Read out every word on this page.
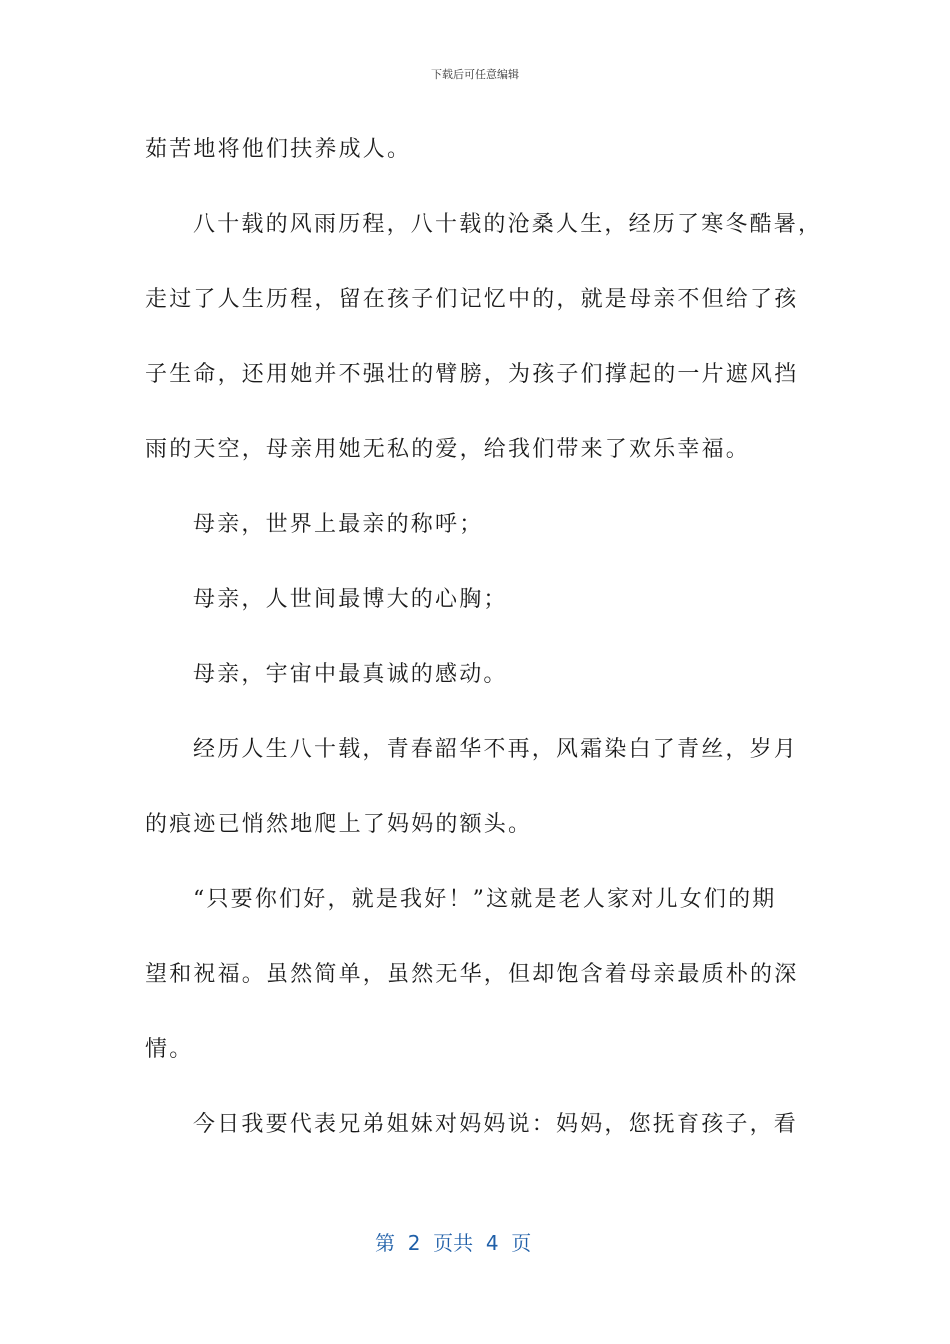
下载后可任意编辑
茹苦地将他们扶养成人。
八十载的风雨历程，八十载的沧桑人生，经历了寒冬酷暑，
走过了人生历程，留在孩子们记忆中的，就是母亲不但给了孩
子生命，还用她并不强壮的臂膀，为孩子们撑起的一片遮风挡
雨的天空，母亲用她无私的爱，给我们带来了欢乐幸福。
母亲，世界上最亲的称呼；
母亲，人世间最博大的心胸；
母亲，宇宙中最真诚的感动。
经历人生八十载，青春韶华不再，风霜染白了青丝，岁月
的痕迹已悄然地爬上了妈妈的额头。
“只要你们好，就是我好！”这就是老人家对儿女们的期
望和祝福。虽然简单，虽然无华，但却饱含着母亲最质朴的深
情。
今日我要代表兄弟姐妹对妈妈说：妈妈，您抚育孩子，看
第  2  页共  4  页
